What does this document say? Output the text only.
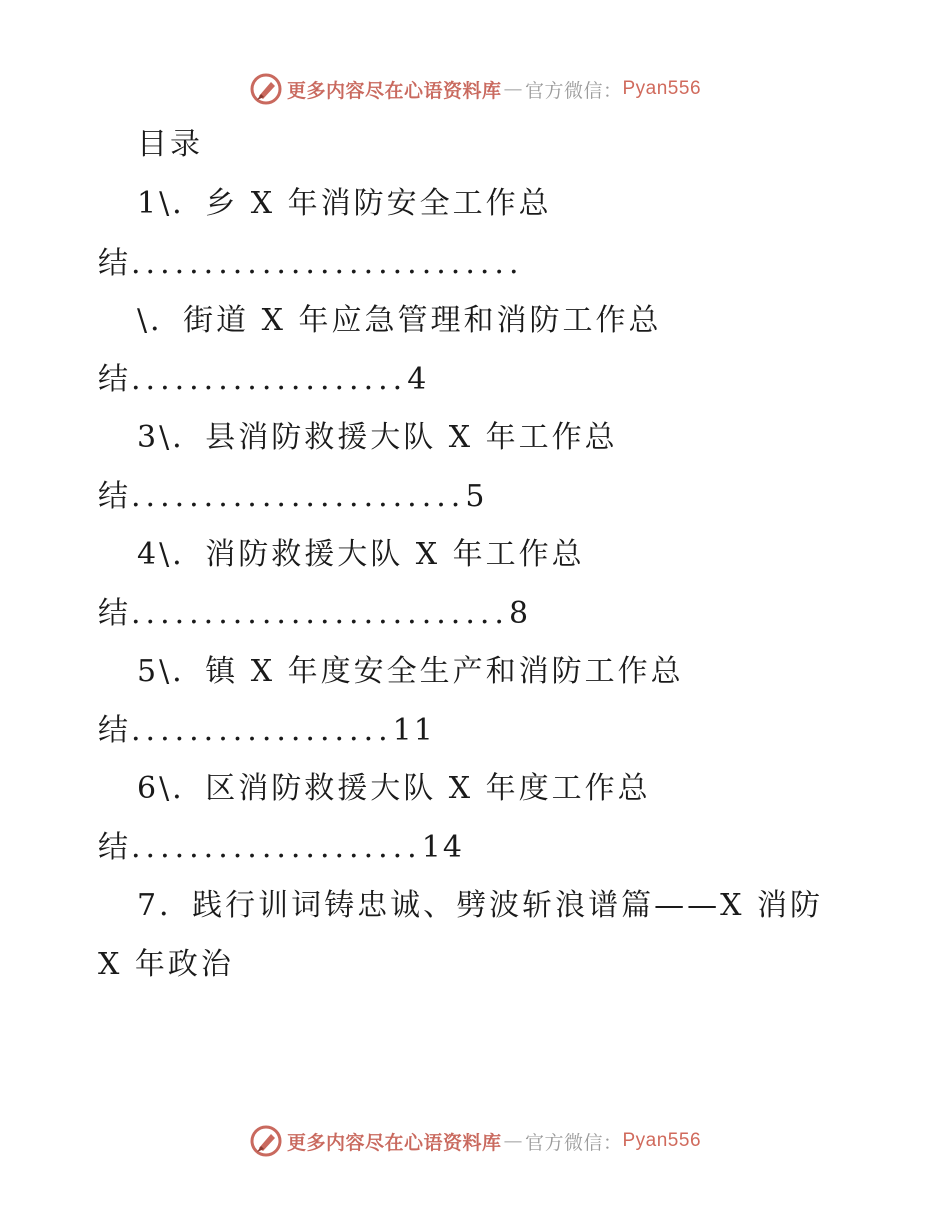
更多内容尽在心语资料库 — 官方微信： Pyan556
目录
1\．乡 X 年消防安全工作总
结...........................
\．街道 X 年应急管理和消防工作总
结...................4
3\．县消防救援大队 X 年工作总
结.......................5
4\．消防救援大队 X 年工作总
结..........................8
5\．镇 X 年度安全生产和消防工作总
结..................11
6\．区消防救援大队 X 年度工作总
结....................14
7．践行训词铸忠诚、劈波斩浪谱篇——X 消防
X 年政治
更多内容尽在心语资料库 — 官方微信： Pyan556
